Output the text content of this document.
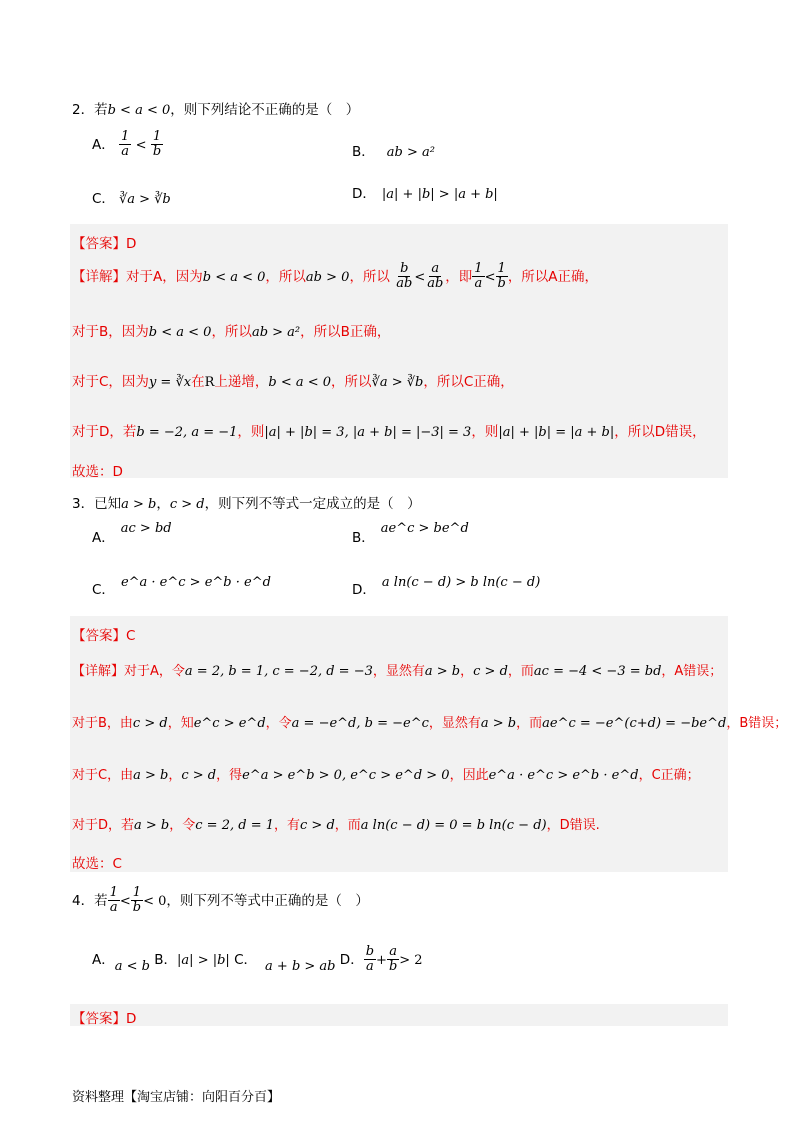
2．若b < a < 0，则下列结论不正确的是（　）
A． $\frac{1}{a} < \frac{1}{b}$	B． ab > a²
C． ∛a > ∛b	D． |a| + |b| > |a + b|
【答案】D
【详解】对于A，因为b < a < 0，所以ab > 0，所以 $\frac{b}{ab} < \frac{a}{ab}$ ，即 $\frac{1}{a} < \frac{1}{b}$ ，所以A正确，
对于B，因为b < a < 0，所以ab > a²，所以B正确，
对于C，因为y = ∛x在R上递增，b < a < 0，所以∛a > ∛b，所以C正确，
对于D，若b = −2, a = −1，则|a| + |b| = 3, |a + b| = |−3| = 3，则|a| + |b| = |a + b|，所以D错误，
故选：D
3．已知a > b，c > d，则下列不等式一定成立的是（　）
A．ac > bd
B．ae^c > be^d
C． e^a · e^c > e^b · e^d	D． a ln(c − d) > b ln(c − d)
【答案】C
【详解】对于A，令a = 2, b = 1, c = −2, d = −3，显然有a > b，c > d，而ac = −4 < −3 = bd，A错误；
对于B，由c > d，知e^c > e^d，令a = −e^d, b = −e^c，显然有a > b，而ae^c = −e^(c+d) = −be^d，B错误；
对于C，由a > b，c > d，得e^a > e^b > 0, e^c > e^d > 0，因此e^a · e^c > e^b · e^d，C正确；
对于D，若a > b，令c = 2, d = 1，有c > d，而a ln(c − d) = 0 = b ln(c − d)，D错误.
故选：C
4．若 $\frac{1}{a} < \frac{1}{b} < 0$，则下列不等式中正确的是（　）
A．a < b B．|a| > |b| C． a + b > ab D． $\frac{b}{a} + \frac{a}{b} > 2$
【答案】D
资料整理【淘宝店铺：向阳百分百】
